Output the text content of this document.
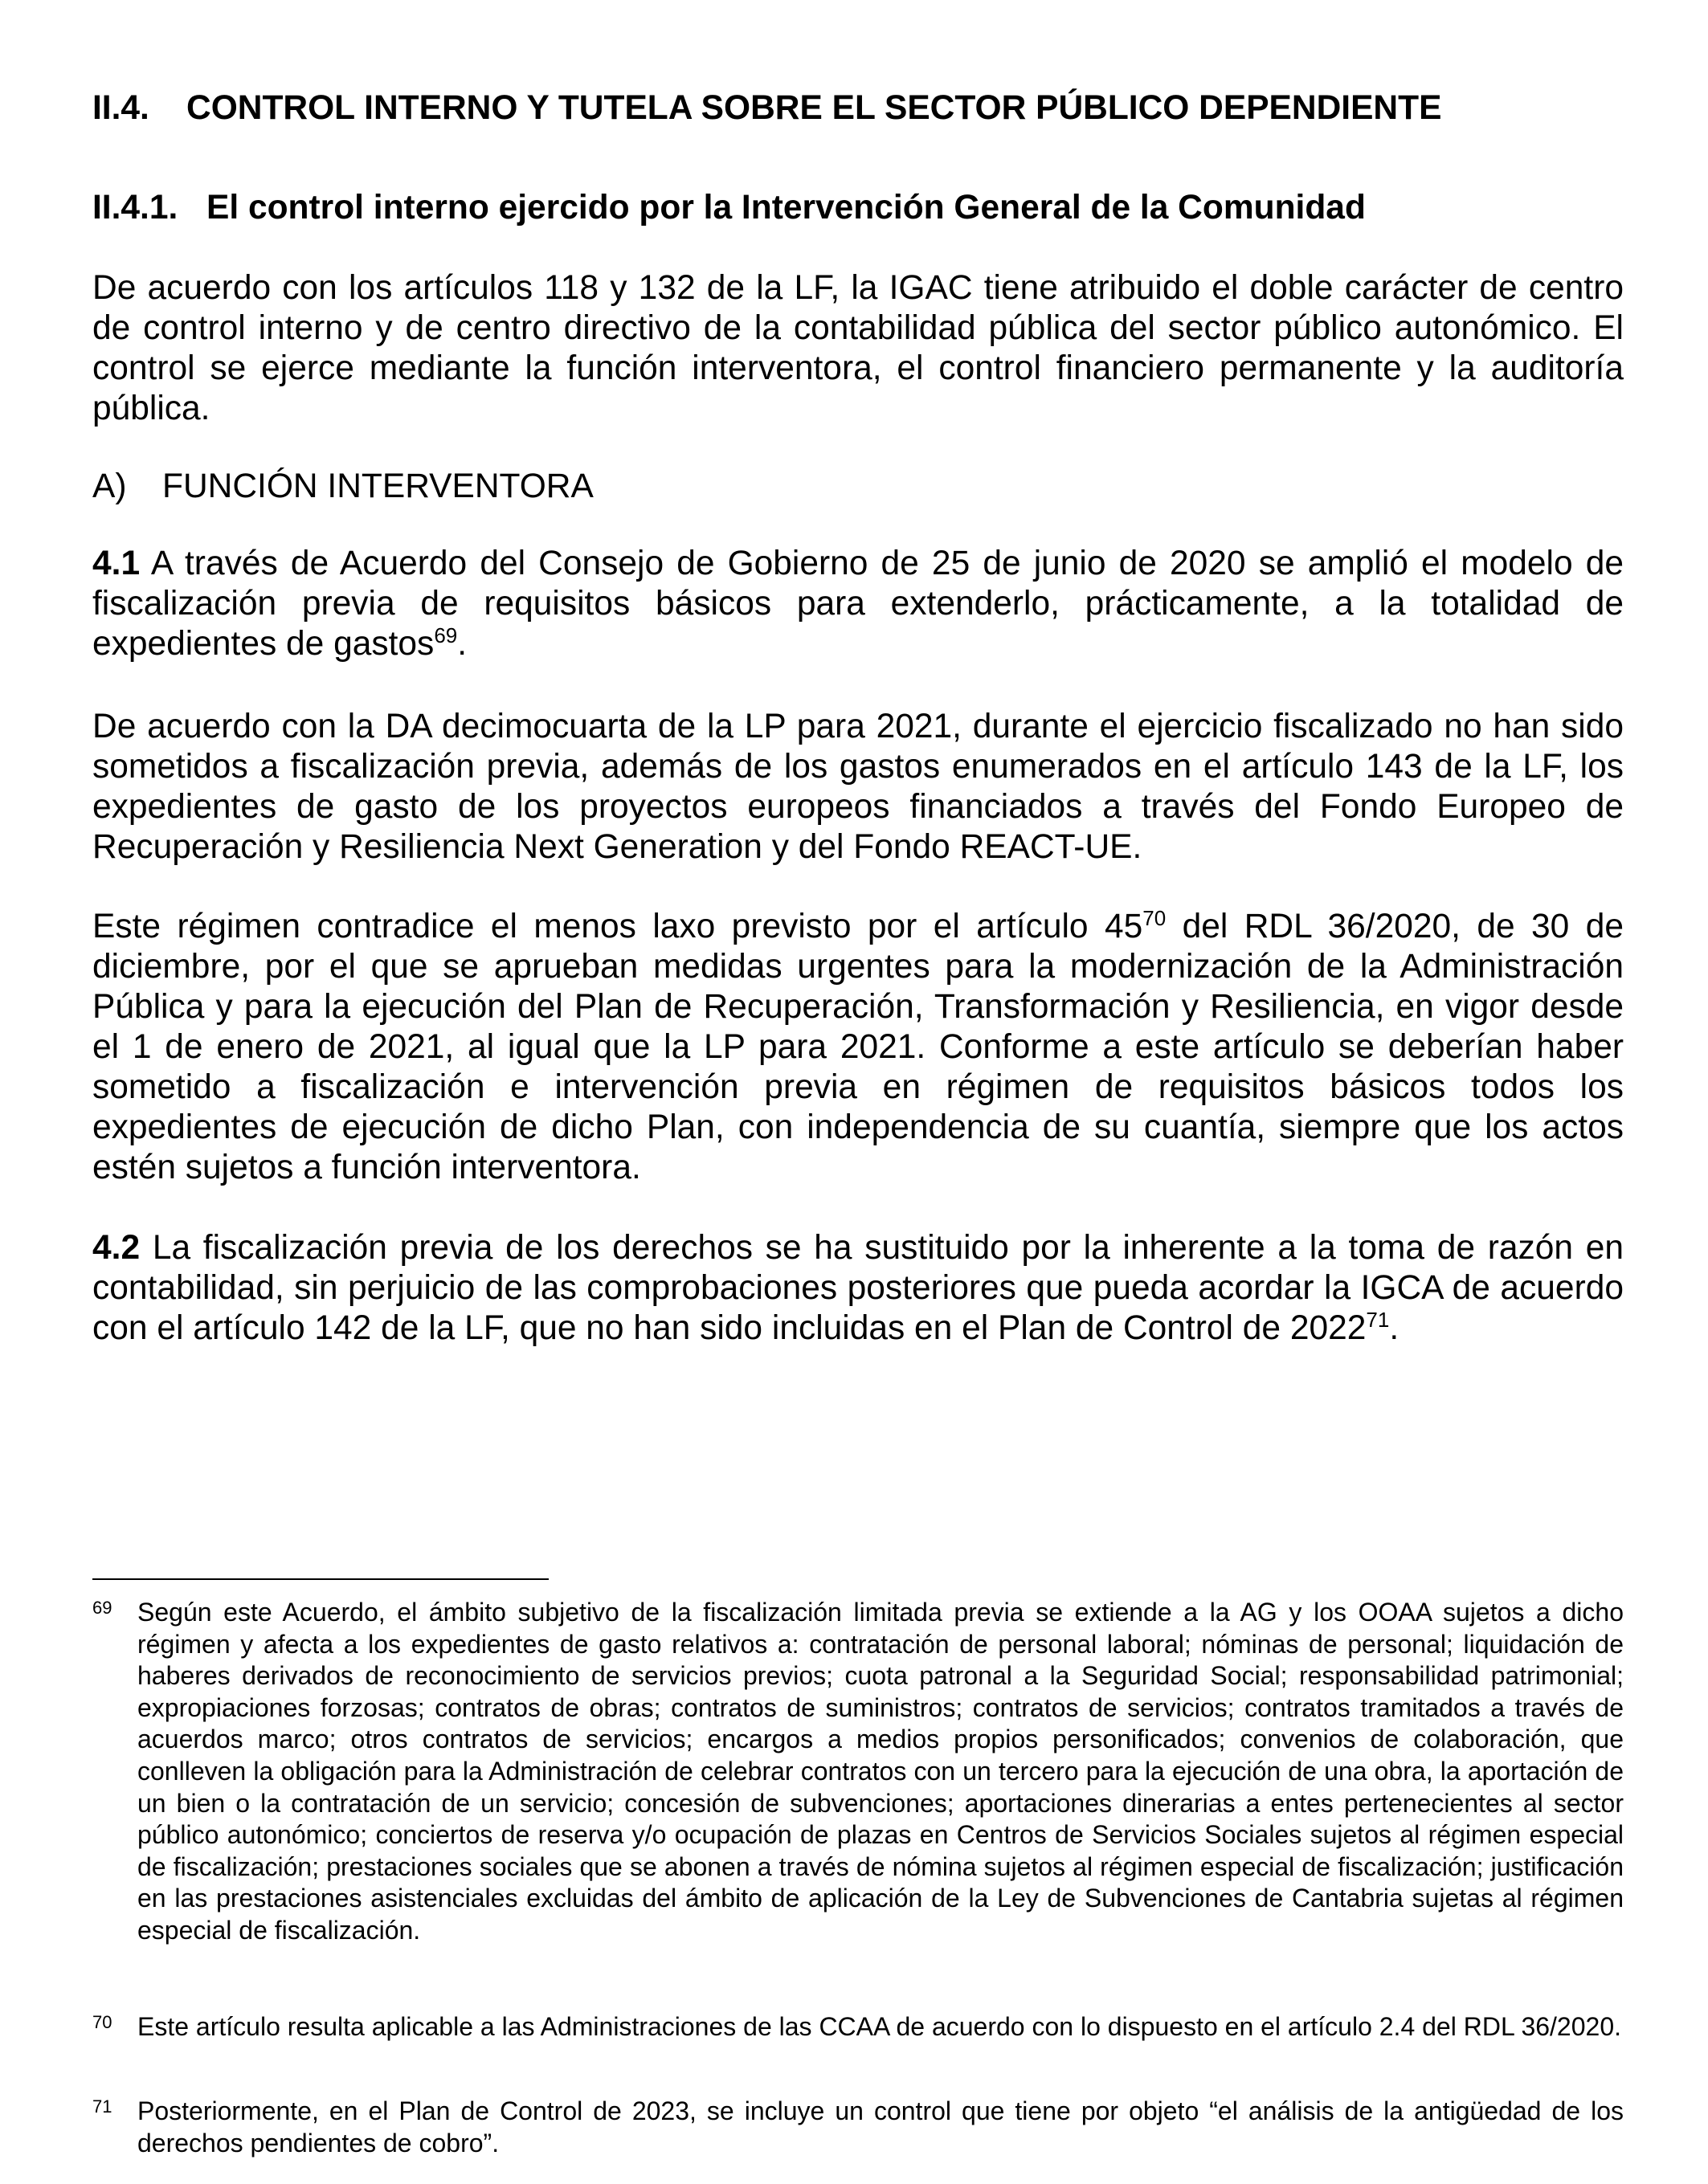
II.4. CONTROL INTERNO Y TUTELA SOBRE EL SECTOR PÚBLICO DEPENDIENTE
II.4.1. El control interno ejercido por la Intervención General de la Comunidad
De acuerdo con los artículos 118 y 132 de la LF, la IGAC tiene atribuido el doble carácter de centro de control interno y de centro directivo de la contabilidad pública del sector público autonómico. El control se ejerce mediante la función interventora, el control financiero permanente y la auditoría pública.
A) FUNCIÓN INTERVENTORA
4.1 A través de Acuerdo del Consejo de Gobierno de 25 de junio de 2020 se amplió el modelo de fiscalización previa de requisitos básicos para extenderlo, prácticamente, a la totalidad de expedientes de gastos$^{69}$.
De acuerdo con la DA decimocuarta de la LP para 2021, durante el ejercicio fiscalizado no han sido sometidos a fiscalización previa, además de los gastos enumerados en el artículo 143 de la LF, los expedientes de gasto de los proyectos europeos financiados a través del Fondo Europeo de Recuperación y Resiliencia Next Generation y del Fondo REACT-UE.
Este régimen contradice el menos laxo previsto por el artículo $45^{70}$ del RDL 36/2020, de 30 de diciembre, por el que se aprueban medidas urgentes para la modernización de la Administración Pública y para la ejecución del Plan de Recuperación, Transformación y Resiliencia, en vigor desde el 1 de enero de 2021, al igual que la LP para 2021. Conforme a este artículo se deberían haber sometido a fiscalización e intervención previa en régimen de requisitos básicos todos los expedientes de ejecución de dicho Plan, con independencia de su cuantía, siempre que los actos estén sujetos a función interventora.
4.2 La fiscalización previa de los derechos se ha sustituido por la inherente a la toma de razón en contabilidad, sin perjuicio de las comprobaciones posteriores que pueda acordar la IGCA de acuerdo con el artículo 142 de la LF, que no han sido incluidas en el Plan de Control de 2022$^{71}$.
69 Según este Acuerdo, el ámbito subjetivo de la fiscalización limitada previa se extiende a la AG y los OOAA sujetos a dicho régimen y afecta a los expedientes de gasto relativos a: contratación de personal laboral; nóminas de personal; liquidación de haberes derivados de reconocimiento de servicios previos; cuota patronal a la Seguridad Social; responsabilidad patrimonial; expropiaciones forzosas; contratos de obras; contratos de suministros; contratos de servicios; contratos tramitados a través de acuerdos marco; otros contratos de servicios; encargos a medios propios personificados; convenios de colaboración, que conlleven la obligación para la Administración de celebrar contratos con un tercero para la ejecución de una obra, la aportación de un bien o la contratación de un servicio; concesión de subvenciones; aportaciones dinerarias a entes pertenecientes al sector público autonómico; conciertos de reserva y/o ocupación de plazas en Centros de Servicios Sociales sujetos al régimen especial de fiscalización; prestaciones sociales que se abonen a través de nómina sujetos al régimen especial de fiscalización; justificación en las prestaciones asistenciales excluidas del ámbito de aplicación de la Ley de Subvenciones de Cantabria sujetas al régimen especial de fiscalización.
70 Este artículo resulta aplicable a las Administraciones de las CCAA de acuerdo con lo dispuesto en el artículo 2.4 del RDL 36/2020.
71 Posteriormente, en el Plan de Control de 2023, se incluye un control que tiene por objeto “el análisis de la antigüedad de los derechos pendientes de cobro”.
